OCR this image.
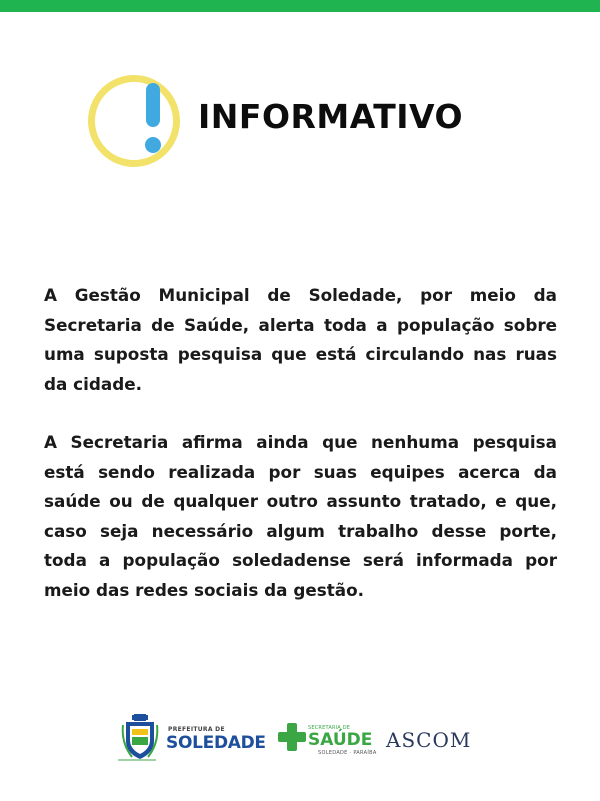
INFORMATIVO

A Gestão Municipal de Soledade, por meio da Secretaria de Saúde, alerta toda a população sobre uma suposta pesquisa que está circulando nas ruas da cidade.

A Secretaria afirma ainda que nenhuma pesquisa está sendo realizada por suas equipes acerca da saúde ou de qualquer outro assunto tratado, e que, caso seja necessário algum trabalho desse porte, toda a população soledadense será informada por meio das redes sociais da gestão.

PREFEITURA DE
SOLEDADE
SECRETARIA DE
SAÚDE
SOLEDADE · PARAÍBA
ASCOM
